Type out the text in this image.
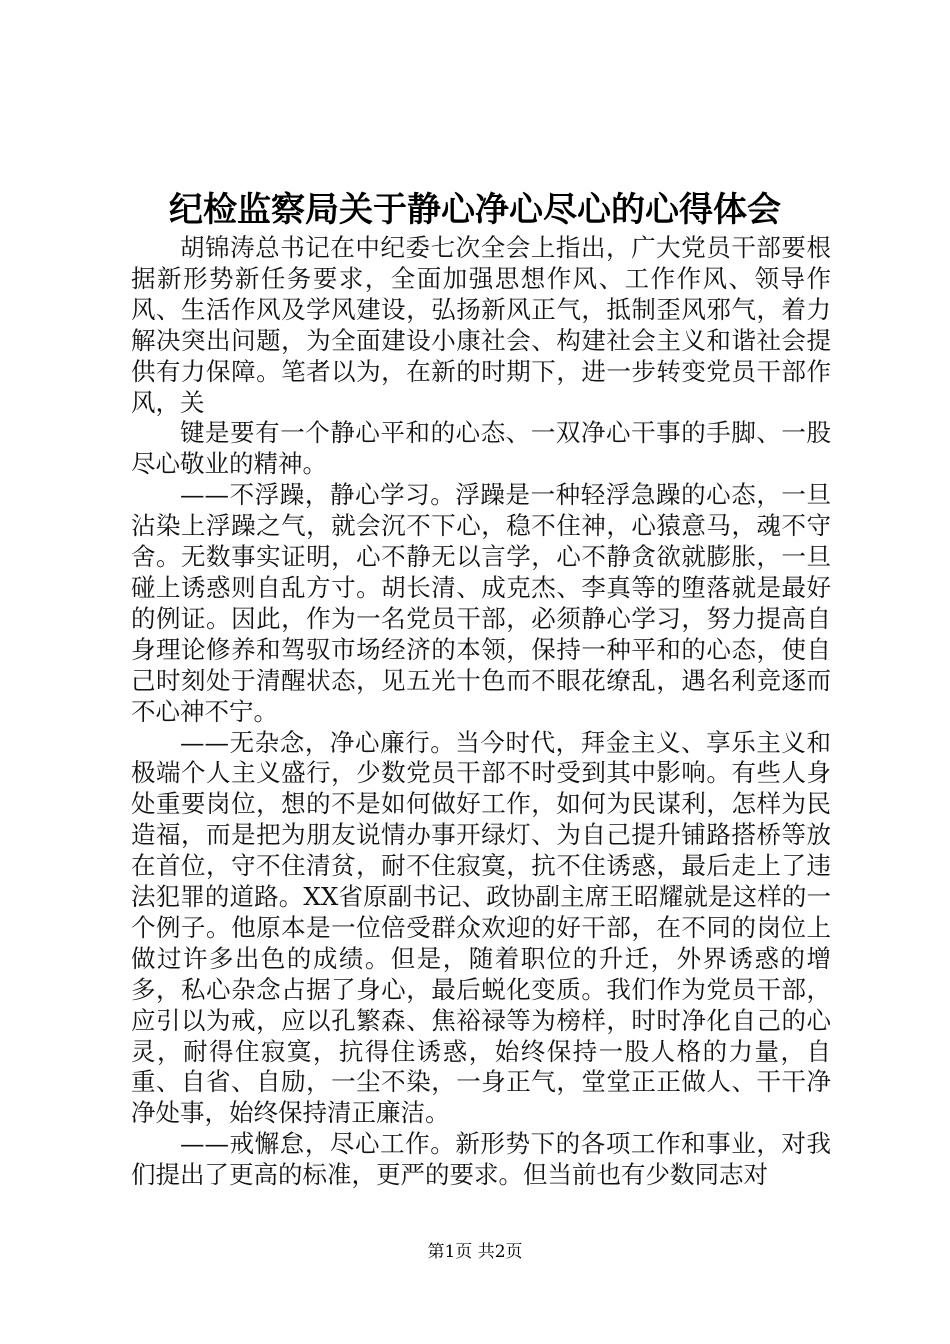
纪检监察局关于静心净心尽心的心得体会

胡锦涛总书记在中纪委七次全会上指出，广大党员干部要根据新形势新任务要求，全面加强思想作风、工作作风、领导作风、生活作风及学风建设，弘扬新风正气，抵制歪风邪气，着力解决突出问题，为全面建设小康社会、构建社会主义和谐社会提供有力保障。笔者以为，在新的时期下，进一步转变党员干部作风，关

键是要有一个静心平和的心态、一双净心干事的手脚、一股尽心敬业的精神。

——不浮躁，静心学习。浮躁是一种轻浮急躁的心态，一旦沾染上浮躁之气，就会沉不下心，稳不住神，心猿意马，魂不守舍。无数事实证明，心不静无以言学，心不静贪欲就膨胀，一旦碰上诱惑则自乱方寸。胡长清、成克杰、李真等的堕落就是最好的例证。因此，作为一名党员干部，必须静心学习，努力提高自身理论修养和驾驭市场经济的本领，保持一种平和的心态，使自己时刻处于清醒状态，见五光十色而不眼花缭乱，遇名利竞逐而不心神不宁。

——无杂念，净心廉行。当今时代，拜金主义、享乐主义和极端个人主义盛行，少数党员干部不时受到其中影响。有些人身处重要岗位，想的不是如何做好工作，如何为民谋利，怎样为民造福，而是把为朋友说情办事开绿灯、为自己提升铺路搭桥等放在首位，守不住清贫，耐不住寂寞，抗不住诱惑，最后走上了违法犯罪的道路。XX省原副书记、政协副主席王昭耀就是这样的一个例子。他原本是一位倍受群众欢迎的好干部，在不同的岗位上做过许多出色的成绩。但是，随着职位的升迁，外界诱惑的增多，私心杂念占据了身心，最后蜕化变质。我们作为党员干部，应引以为戒，应以孔繁森、焦裕禄等为榜样，时时净化自己的心灵，耐得住寂寞，抗得住诱惑，始终保持一股人格的力量，自重、自省、自励，一尘不染，一身正气，堂堂正正做人、干干净净处事，始终保持清正廉洁。

——戒懈怠，尽心工作。新形势下的各项工作和事业，对我们提出了更高的标准，更严的要求。但当前也有少数同志对

第1页 共2页
